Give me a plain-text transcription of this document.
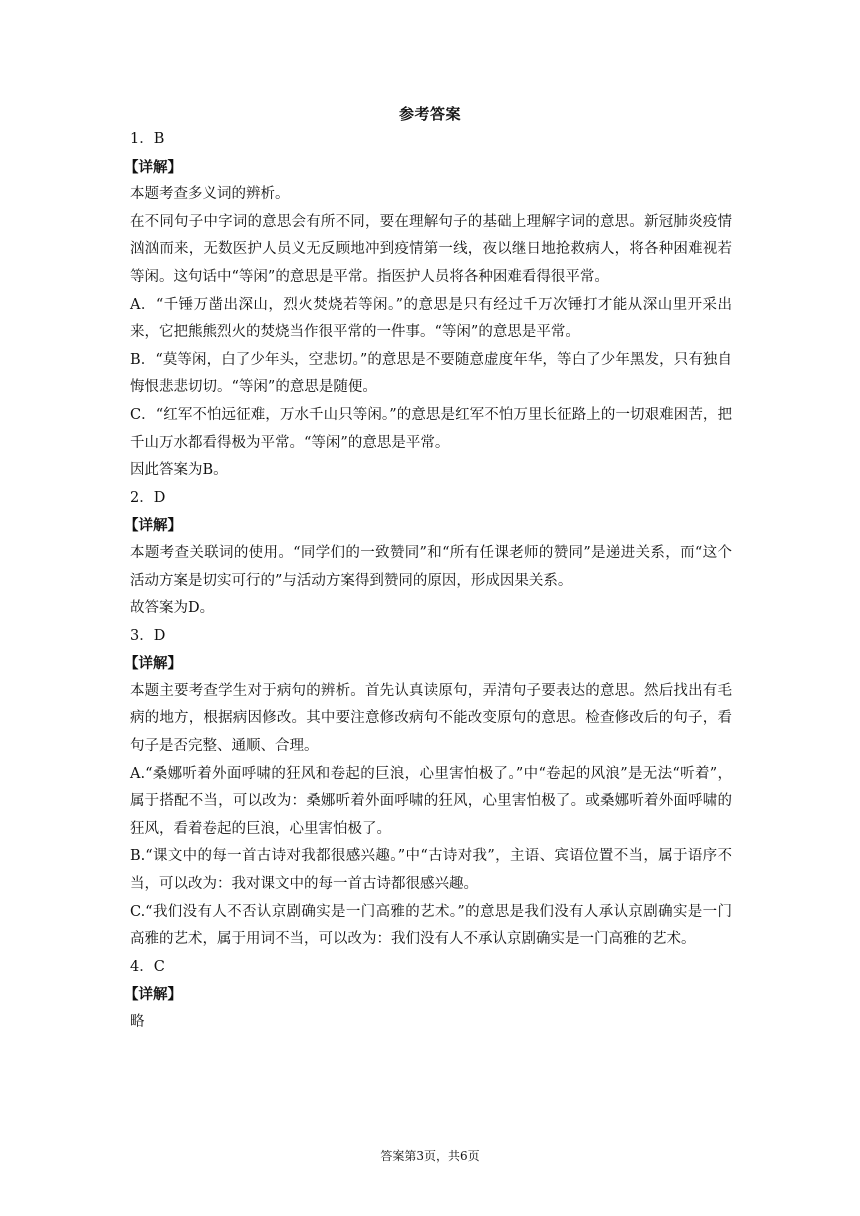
参考答案

1．B

【详解】

本题考查多义词的辨析。

在不同句子中字词的意思会有所不同，要在理解句子的基础上理解字词的意思。新冠肺炎疫情汹汹而来，无数医护人员义无反顾地冲到疫情第一线，夜以继日地抢救病人，将各种困难视若等闲。这句话中“等闲”的意思是平常。指医护人员将各种困难看得很平常。

A．“千锤万凿出深山，烈火焚烧若等闲。”的意思是只有经过千万次锤打才能从深山里开采出来，它把熊熊烈火的焚烧当作很平常的一件事。“等闲”的意思是平常。

B．“莫等闲，白了少年头，空悲切。”的意思是不要随意虚度年华，等白了少年黑发，只有独自悔恨悲悲切切。“等闲”的意思是随便。

C．“红军不怕远征难，万水千山只等闲。”的意思是红军不怕万里长征路上的一切艰难困苦，把千山万水都看得极为平常。“等闲”的意思是平常。

因此答案为B。

2．D

【详解】

本题考查关联词的使用。“同学们的一致赞同”和“所有任课老师的赞同”是递进关系，而“这个活动方案是切实可行的”与活动方案得到赞同的原因，形成因果关系。

故答案为D。

3．D

【详解】

本题主要考查学生对于病句的辨析。首先认真读原句，弄清句子要表达的意思。然后找出有毛病的地方，根据病因修改。其中要注意修改病句不能改变原句的意思。检查修改后的句子，看句子是否完整、通顺、合理。

A.“桑娜听着外面呼啸的狂风和卷起的巨浪，心里害怕极了。”中“卷起的风浪”是无法“听着”，属于搭配不当，可以改为：桑娜听着外面呼啸的狂风，心里害怕极了。或桑娜听着外面呼啸的狂风，看着卷起的巨浪，心里害怕极了。

B.“课文中的每一首古诗对我都很感兴趣。”中“古诗对我”，主语、宾语位置不当，属于语序不当，可以改为：我对课文中的每一首古诗都很感兴趣。

C.“我们没有人不否认京剧确实是一门高雅的艺术。”的意思是我们没有人承认京剧确实是一门高雅的艺术，属于用词不当，可以改为：我们没有人不承认京剧确实是一门高雅的艺术。

4．C

【详解】

略

答案第3页，共6页
